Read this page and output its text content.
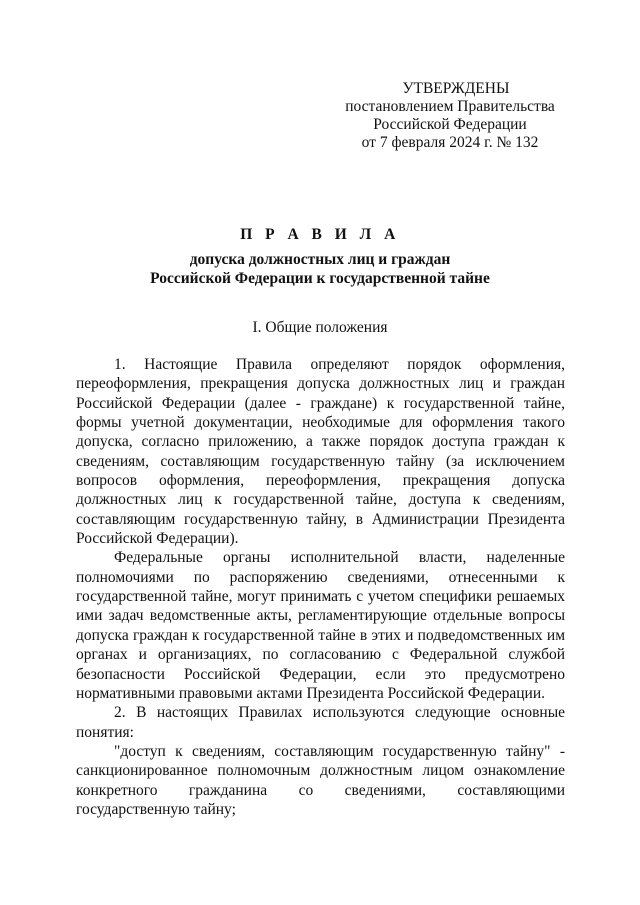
УТВЕРЖДЕНЫ
постановлением Правительства
Российской Федерации
от 7 февраля 2024 г. № 132
П Р А В И Л А
допуска должностных лиц и граждан
Российской Федерации к государственной тайне
I. Общие положения

1. Настоящие Правила определяют порядок оформления, переоформления, прекращения допуска должностных лиц и граждан Российской Федерации (далее - граждане) к государственной тайне, формы учетной документации, необходимые для оформления такого допуска, согласно приложению, а также порядок доступа граждан к сведениям, составляющим государственную тайну (за исключением вопросов оформления, переоформления, прекращения допуска должностных лиц к государственной тайне, доступа к сведениям, составляющим государственную тайну, в Администрации Президента Российской Федерации).

Федеральные органы исполнительной власти, наделенные полномочиями по распоряжению сведениями, отнесенными к государственной тайне, могут принимать с учетом специфики решаемых ими задач ведомственные акты, регламентирующие отдельные вопросы допуска граждан к государственной тайне в этих и подведомственных им органах и организациях, по согласованию с Федеральной службой безопасности Российской Федерации, если это предусмотрено нормативными правовыми актами Президента Российской Федерации.

2. В настоящих Правилах используются следующие основные понятия:

"доступ к сведениям, составляющим государственную тайну" - санкционированное полномочным должностным лицом ознакомление конкретного гражданина со сведениями, составляющими государственную тайну;
